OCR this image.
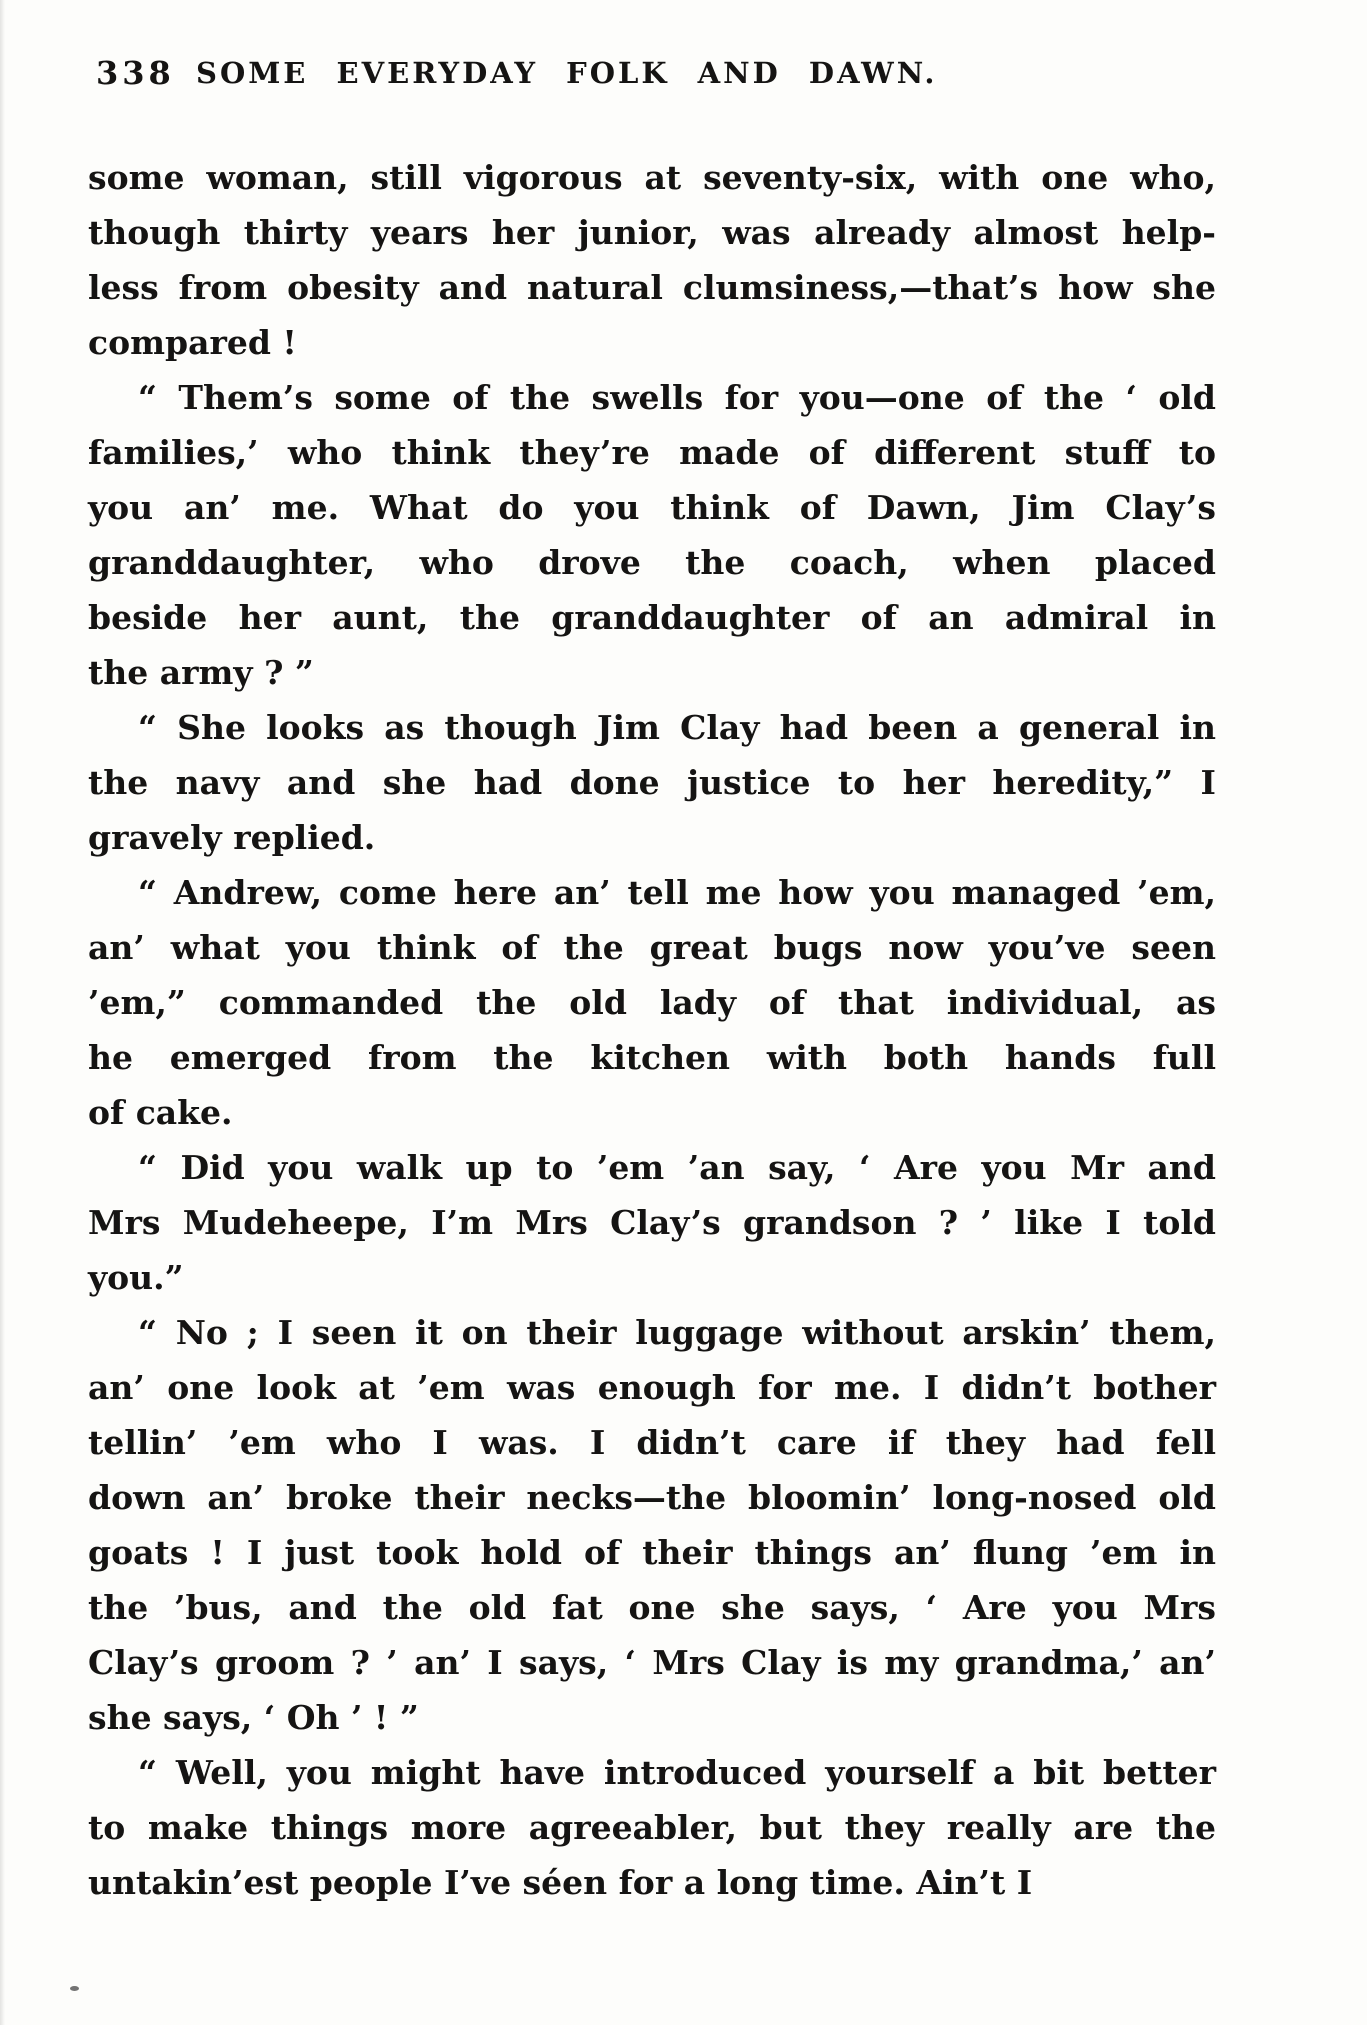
338 SOME EVERYDAY FOLK AND DAWN.
some woman, still vigorous at seventy-six, with one who,
though thirty years her junior, was already almost help-
less from obesity and natural clumsiness,—that’s how she
compared !
“ Them’s some of the swells for you—one of the ‘ old
families,’ who think they’re made of different stuff to
you an’ me. What do you think of Dawn, Jim Clay’s
granddaughter, who drove the coach, when placed
beside her aunt, the granddaughter of an admiral in
the army ? ”
“ She looks as though Jim Clay had been a general in
the navy and she had done justice to her heredity,” I
gravely replied.
“ Andrew, come here an’ tell me how you managed ’em,
an’ what you think of the great bugs now you’ve seen
’em,” commanded the old lady of that individual, as
he emerged from the kitchen with both hands full
of cake.
“ Did you walk up to ’em ’an say, ‘ Are you Mr and
Mrs Mudeheepe, I’m Mrs Clay’s grandson ? ’ like I told
you.”
“ No ; I seen it on their luggage without arskin’ them,
an’ one look at ’em was enough for me. I didn’t bother
tellin’ ’em who I was. I didn’t care if they had fell
down an’ broke their necks—the bloomin’ long-nosed old
goats ! I just took hold of their things an’ flung ’em in
the ’bus, and the old fat one she says, ‘ Are you Mrs
Clay’s groom ? ’ an’ I says, ‘ Mrs Clay is my grandma,’ an’
she says, ‘ Oh ’ ! ”
“ Well, you might have introduced yourself a bit better
to make things more agreeabler, but they really are the
untakin’est people I’ve séen for a long time. Ain’t I
